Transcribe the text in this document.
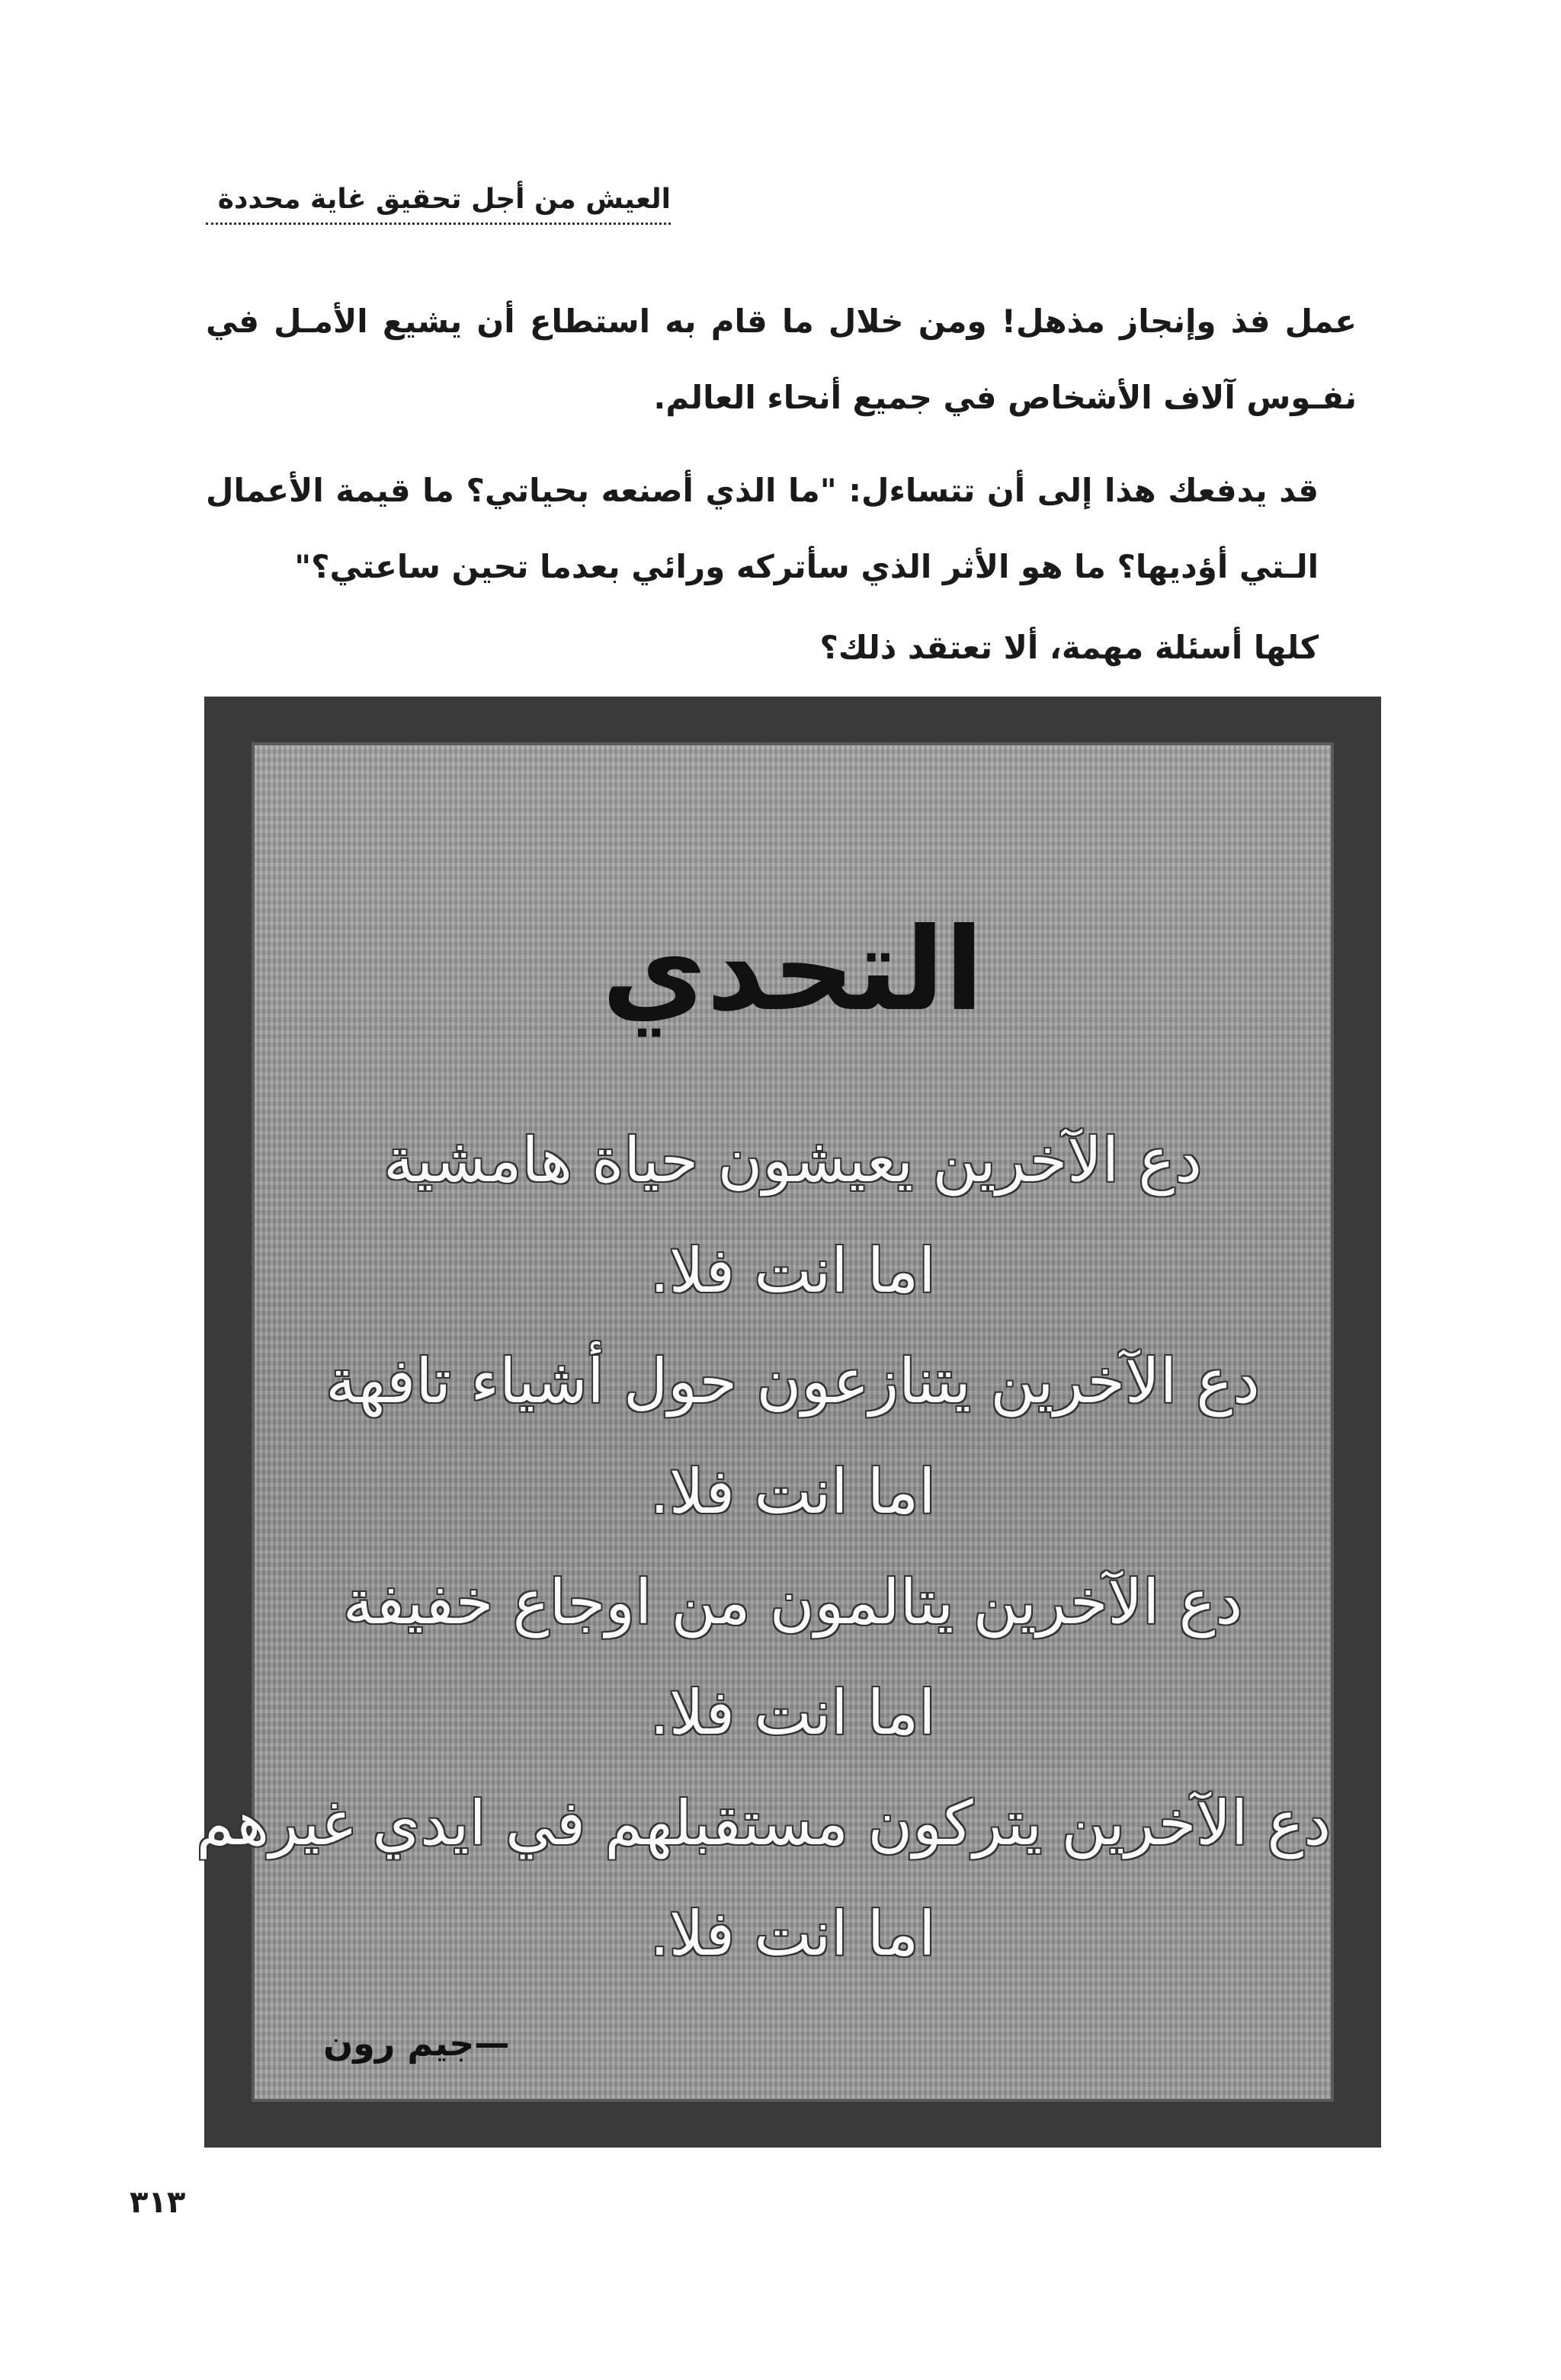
العيش من أجل تحقيق غاية محددة
عمل فذ وإنجاز مذهل! ومن خلال ما قام به استطاع أن يشيع الأمـل في نفـوس آلاف الأشخاص في جميع أنحاء العالم.
قد يدفعك هذا إلى أن تتساءل: "ما الذي أصنعه بحياتي؟ ما قيمة الأعمال الـتي أؤديها؟ ما هو الأثر الذي سأتركه ورائي بعدما تحين ساعتي؟"
كلها أسئلة مهمة، ألا تعتقد ذلك؟
التحدي
دع الآخرين يعيشون حياة هامشية
اما انت فلا.
دع الآخرين يتنازعون حول أشياء تافهة
اما انت فلا.
دع الآخرين يتالمون من اوجاع خفيفة
اما انت فلا.
دع الآخرين يتركون مستقبلهم في ايدي غيرهم
اما انت فلا.
—جيم رون
٣١٣
